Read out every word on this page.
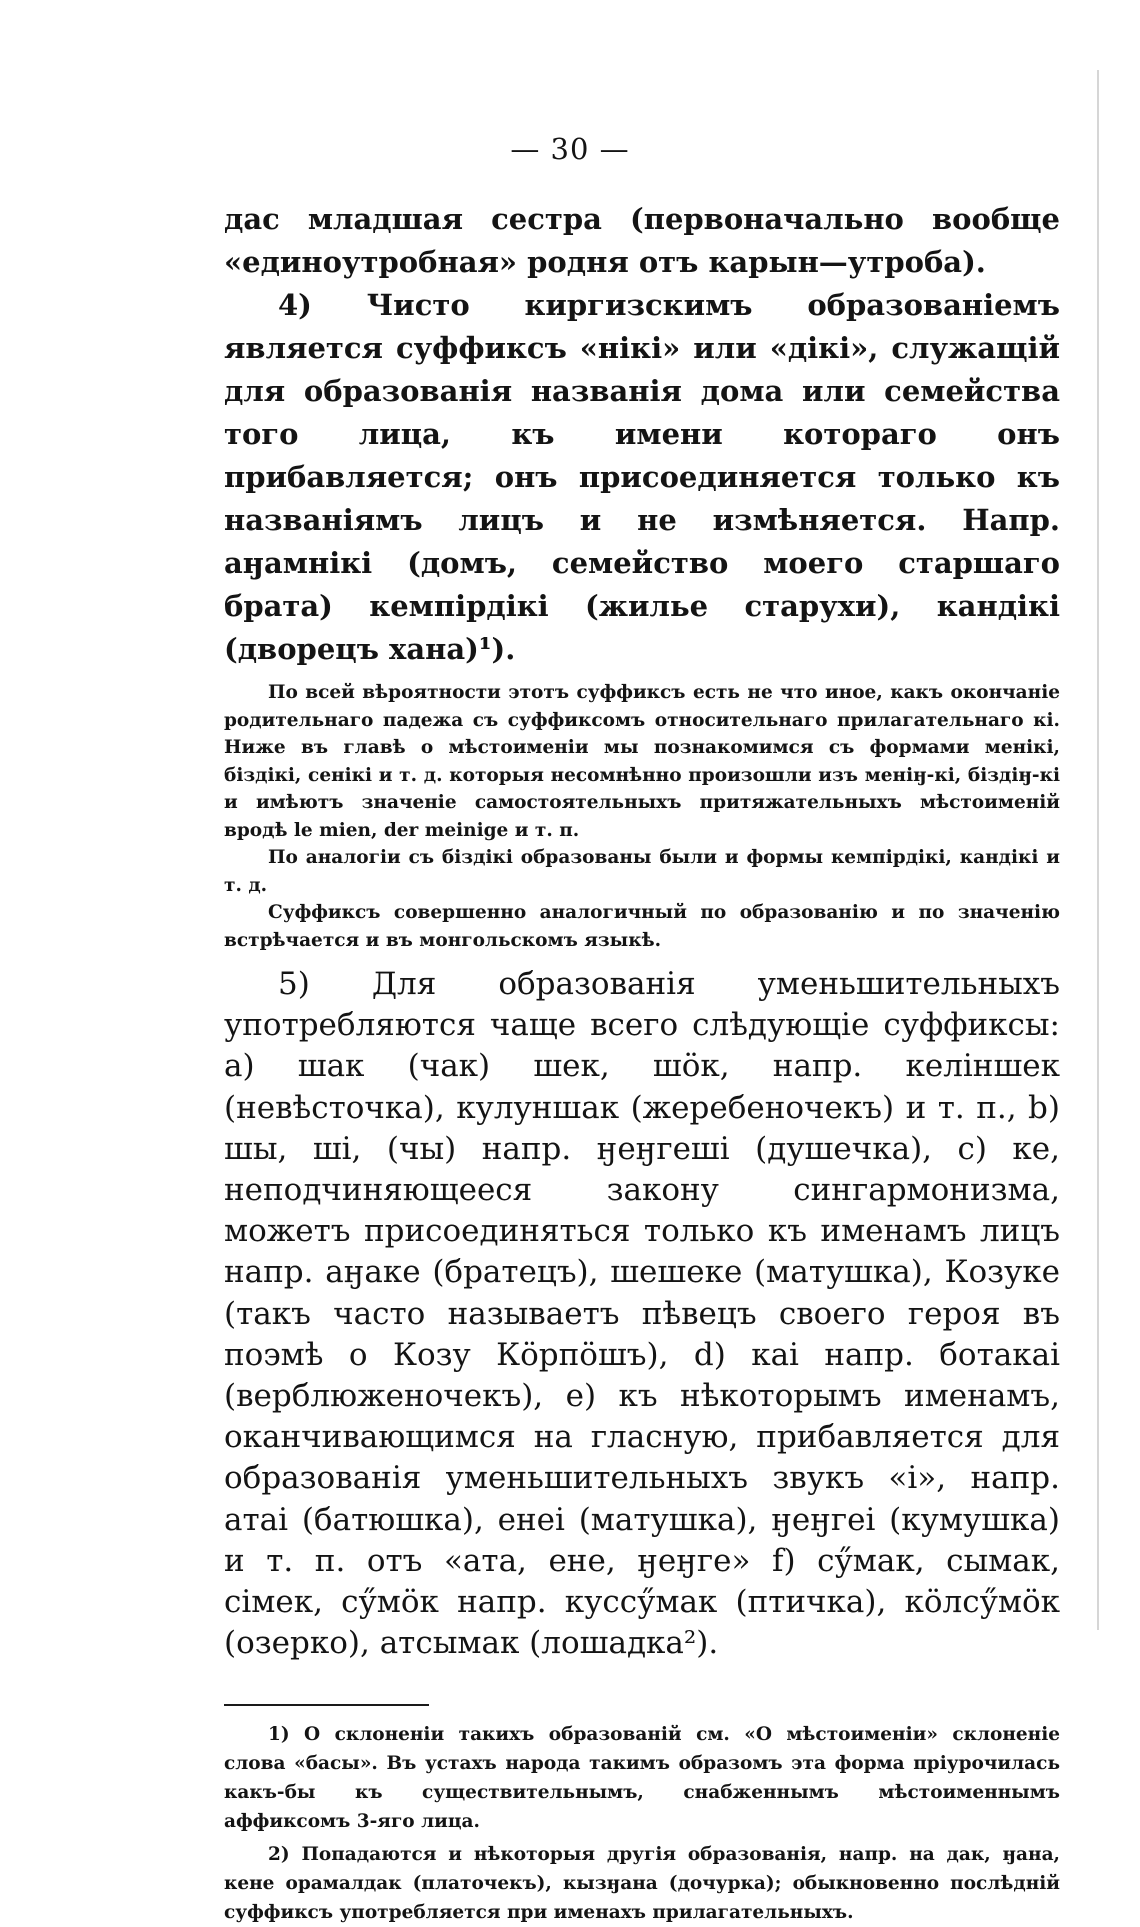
— 30 —

дас младшая сестра (первоначально вообще «единоутробная» родня отъ карын—утроба).

4) Чисто киргизскимъ образованіемъ является суффиксъ «нікі» или «дікі», служащій для образованія названія дома или семейства того лица, къ имени котораго онъ прибавляется; онъ присоединяется только къ названіямъ лицъ и не измѣняется. Напр. аӈамнікі (домъ, семейство моего старшаго брата) кемпірдікі (жилье старухи), кандікі (дворецъ хана)¹).

По всей вѣроятности этотъ суффиксъ есть не что иное, какъ окончаніе родительнаго падежа съ суффиксомъ относительнаго прилагательнаго кі. Ниже въ главѣ о мѣстоименіи мы познакомимся съ формами менікі, біздікі, сенікі и т. д. которыя несомнѣнно произошли изъ меніӈ-кі, біздіӈ-кі и имѣютъ значеніе самостоятельныхъ притяжательныхъ мѣстоименій вродѣ le mien, der meinige и т. п.

По аналогіи съ біздікі образованы были и формы кемпірдікі, кандікі и т. д.

Суффиксъ совершенно аналогичный по образованію и по значенію встрѣчается и въ монгольскомъ языкѣ.

5) Для образованія уменьшительныхъ употребляются чаще всего слѣдующіе суффиксы: a) шак (чак) шек, шӧк, напр. келіншек (невѣсточка), кулуншак (жеребеночекъ) и т. п., b) шы, ші, (чы) напр. ӈеӈгеші (душечка), c) ке, неподчиняющееся закону сингармонизма, можетъ присоединяться только къ именамъ лицъ напр. аӈаке (братецъ), шешеке (матушка), Козуке (такъ часто называетъ пѣвецъ своего героя въ поэмѣ о Козу Кӧрпӧшъ), d) каі напр. ботакаі (верблюженочекъ), e) къ нѣкоторымъ именамъ, оканчивающимся на гласную, прибавляется для образованія уменьшительныхъ звукъ «і», напр. атаі (батюшка), енеі (матушка), ӈеӈгеі (кумушка) и т. п. отъ «ата, ене, ӈеӈге» f) сӳмак, сымак, сімек, сӳмӧк напр. куссӳмак (птичка), кӧлсӳмӧк (озерко), атсымак (лошадка²).

1) О склоненіи такихъ образованій см. «О мѣстоименіи» склоненіе слова «басы». Въ устахъ народа такимъ образомъ эта форма пріурочилась какъ-бы къ существительнымъ, снабженнымъ мѣстоименнымъ аффиксомъ 3-яго лица.

2) Попадаются и нѣкоторыя другія образованія, напр. на дак, ӈана, кене орамалдак (платочекъ), кызӈана (дочурка); обыкновенно послѣдній суффиксъ употребляется при именахъ прилагательныхъ.
